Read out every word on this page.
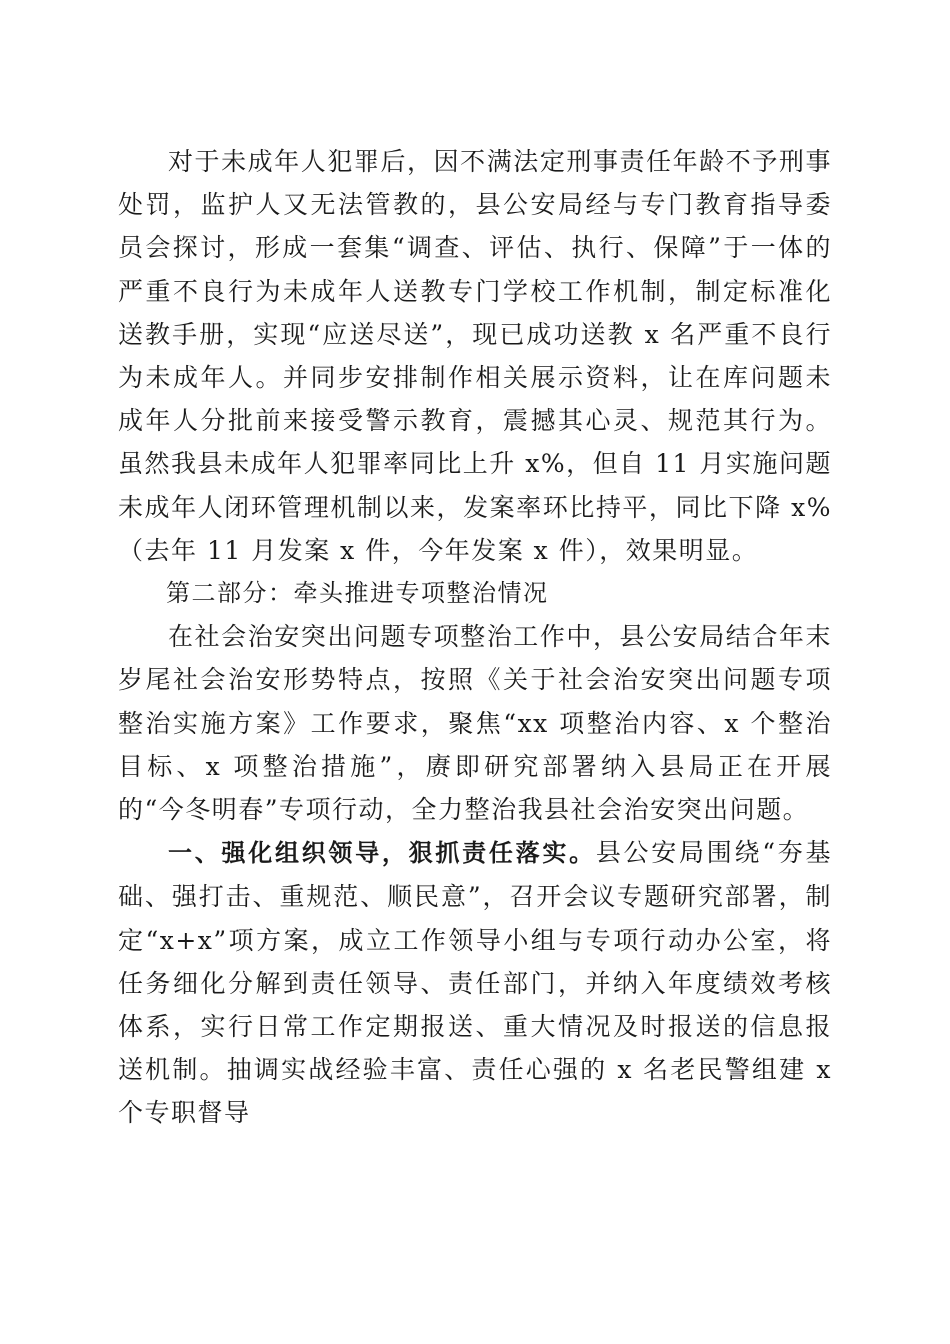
对于未成年人犯罪后，因不满法定刑事责任年龄不予刑事处罚，监护人又无法管教的，县公安局经与专门教育指导委员会探讨，形成一套集“调查、评估、执行、保障”于一体的严重不良行为未成年人送教专门学校工作机制，制定标准化送教手册，实现“应送尽送”，现已成功送教 x 名严重不良行为未成年人。并同步安排制作相关展示资料，让在库问题未成年人分批前来接受警示教育，震撼其心灵、规范其行为。虽然我县未成年人犯罪率同比上升 x%，但自 11 月实施问题未成年人闭环管理机制以来，发案率环比持平，同比下降 x%（去年 11 月发案 x 件，今年发案 x 件），效果明显。

第二部分：牵头推进专项整治情况

在社会治安突出问题专项整治工作中，县公安局结合年末岁尾社会治安形势特点，按照《关于社会治安突出问题专项整治实施方案》工作要求，聚焦“xx 项整治内容、x 个整治目标、x 项整治措施”，赓即研究部署纳入县局正在开展的“今冬明春”专项行动，全力整治我县社会治安突出问题。

一、强化组织领导，狠抓责任落实。县公安局围绕“夯基础、强打击、重规范、顺民意”，召开会议专题研究部署，制定“x+x”项方案，成立工作领导小组与专项行动办公室，将任务细化分解到责任领导、责任部门，并纳入年度绩效考核体系，实行日常工作定期报送、重大情况及时报送的信息报送机制。抽调实战经验丰富、责任心强的 x 名老民警组建 x 个专职督导
